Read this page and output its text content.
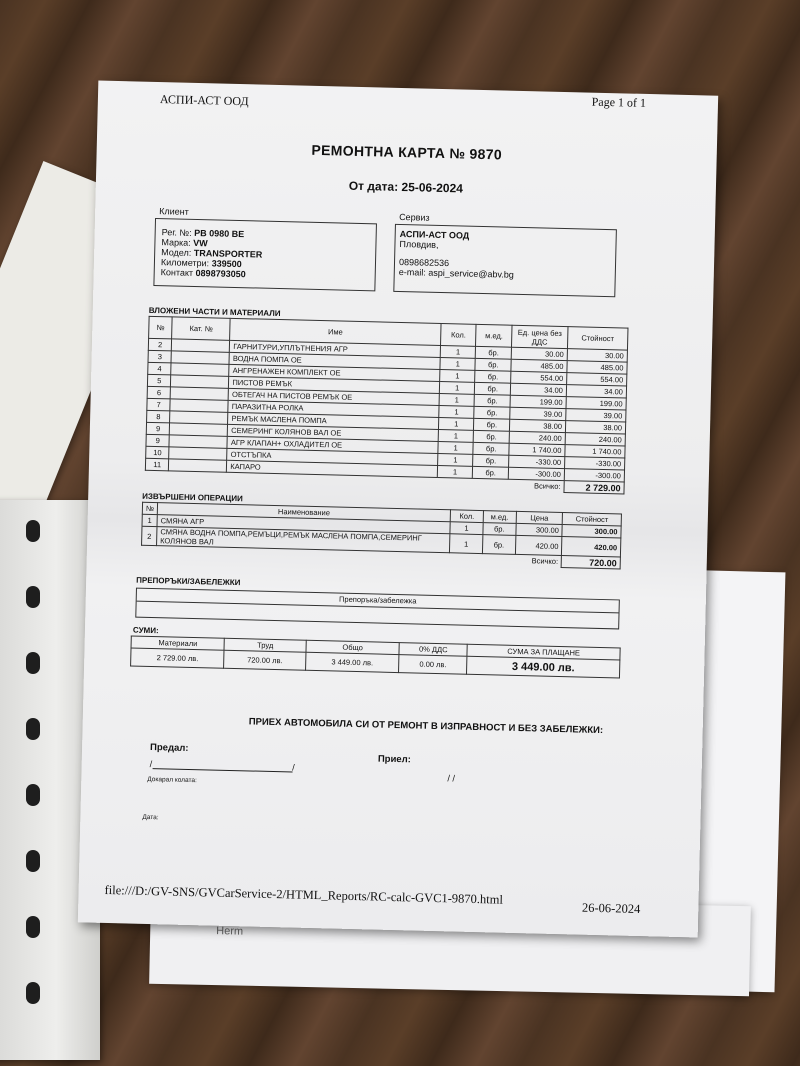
Herm
АСПИ-АСТ ООД	Page 1 of 1
РЕМОНТНА КАРТА № 9870
От дата: 25-06-2024
Клиент
Сервиз
Рег. №: РВ 0980 ВЕ
Марка: VW
Модел: TRANSPORTER
Километри: 339500
Контакт 0898793050
АСПИ-АСТ ООД
Пловдив,
0898682536
e-mail: aspi_service@abv.bg
ВЛОЖЕНИ ЧАСТИ И МАТЕРИАЛИ
№	Кат. №	Име	Кол.	м.ед.	Ед. цена без ДДС	Стойност
2		ГАРНИТУРИ,УПЛЪТНЕНИЯ АГР	1	бр.	30.00	30.00
3		ВОДНА ПОМПА ОЕ	1	бр.	485.00	485.00
4		АНГРЕНАЖЕН КОМПЛЕКТ ОЕ	1	бр.	554.00	554.00
5		ПИСТОВ РЕМЪК	1	бр.	34.00	34.00
6		ОБТЕГАЧ НА ПИСТОВ РЕМЪК ОЕ	1	бр.	199.00	199.00
7		ПАРАЗИТНА РОЛКА	1	бр.	39.00	39.00
8		РЕМЪК МАСЛЕНА ПОМПА	1	бр.	38.00	38.00
9		СЕМЕРИНГ КОЛЯНОВ ВАЛ ОЕ	1	бр.	240.00	240.00
9		АГР КЛАПАН+ ОХЛАДИТЕЛ ОЕ	1	бр.	1 740.00	1 740.00
10		ОТСТЪПКА	1	бр.	-330.00	-330.00
11		КАПАРО	1	бр.	-300.00	-300.00
Всичко:						2 729.00
ИЗВЪРШЕНИ ОПЕРАЦИИ
№	Наименование	Кол.	м.ед.	Цена	Стойност
1	СМЯНА АГР	1	бр.	300.00	300.00
2	СМЯНА ВОДНА ПОМПА,РЕМЪЦИ,РЕМЪК МАСЛЕНА ПОМПА,СЕМЕРИНГ КОЛЯНОВ ВАЛ	1	бр.	420.00	420.00
Всичко:					720.00
ПРЕПОРЪКИ/ЗАБЕЛЕЖКИ
Препоръка/забележка
СУМИ:
Материали	Труд	Общо	0% ДДС	СУМА ЗА ПЛАЩАНЕ
2 729.00 лв.	720.00 лв.	3 449.00 лв.	0.00 лв.	3 449.00 лв.
ПРИЕХ АВТОМОБИЛА СИ ОТ РЕМОНТ В ИЗПРАВНОСТ И БЕЗ ЗАБЕЛЕЖКИ:
Предал:
Приел:
/	/
/ /
Докарал колата:
Дата:
file:///D:/GV-SNS/GVCarService-2/HTML_Reports/RC-calc-GVC1-9870.html
26-06-2024
